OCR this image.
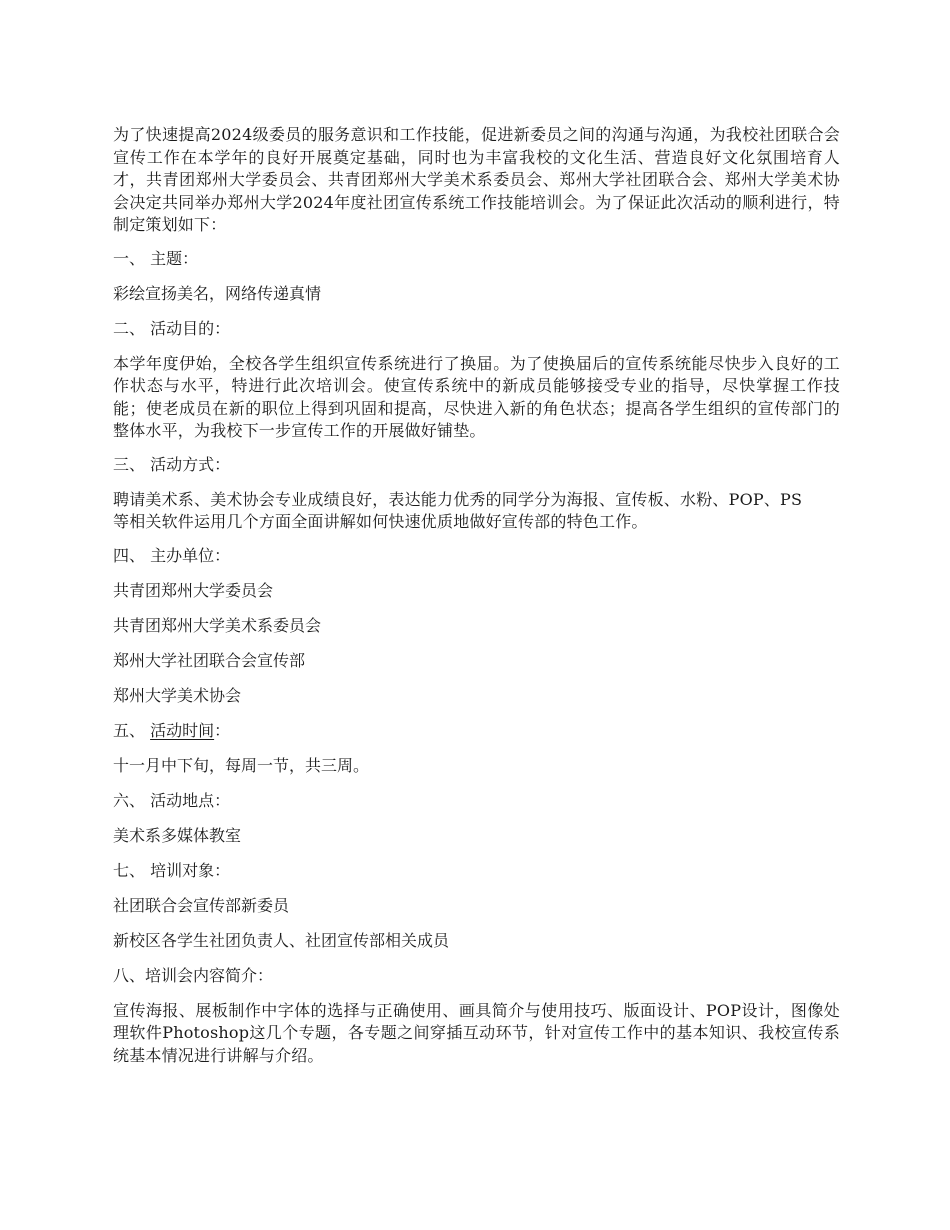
为了快速提高2024级委员的服务意识和工作技能，促进新委员之间的沟通与沟通，为我校社团联合会宣传工作在本学年的良好开展奠定基础，同时也为丰富我校的文化生活、营造良好文化氛围培育人才，共青团郑州大学委员会、共青团郑州大学美术系委员会、郑州大学社团联合会、郑州大学美术协会决定共同举办郑州大学2024年度社团宣传系统工作技能培训会。为了保证此次活动的顺利进行，特制定策划如下：

一、 主题：

彩绘宣扬美名，网络传递真情

二、 活动目的：

本学年度伊始，全校各学生组织宣传系统进行了换届。为了使换届后的宣传系统能尽快步入良好的工作状态与水平，特进行此次培训会。使宣传系统中的新成员能够接受专业的指导，尽快掌握工作技能；使老成员在新的职位上得到巩固和提高，尽快进入新的角色状态；提高各学生组织的宣传部门的整体水平，为我校下一步宣传工作的开展做好铺垫。

三、 活动方式：

聘请美术系、美术协会专业成绩良好，表达能力优秀的同学分为海报、宣传板、水粉、POP、PS等相关软件运用几个方面全面讲解如何快速优质地做好宣传部的特色工作。

四、 主办单位：

共青团郑州大学委员会

共青团郑州大学美术系委员会

郑州大学社团联合会宣传部

郑州大学美术协会

五、 活动时间：

十一月中下旬，每周一节，共三周。

六、 活动地点：

美术系多媒体教室

七、 培训对象：

社团联合会宣传部新委员

新校区各学生社团负责人、社团宣传部相关成员

八、培训会内容简介：

宣传海报、展板制作中字体的选择与正确使用、画具简介与使用技巧、版面设计、POP设计，图像处理软件Photoshop这几个专题，各专题之间穿插互动环节，针对宣传工作中的基本知识、我校宣传系统基本情况进行讲解与介绍。
